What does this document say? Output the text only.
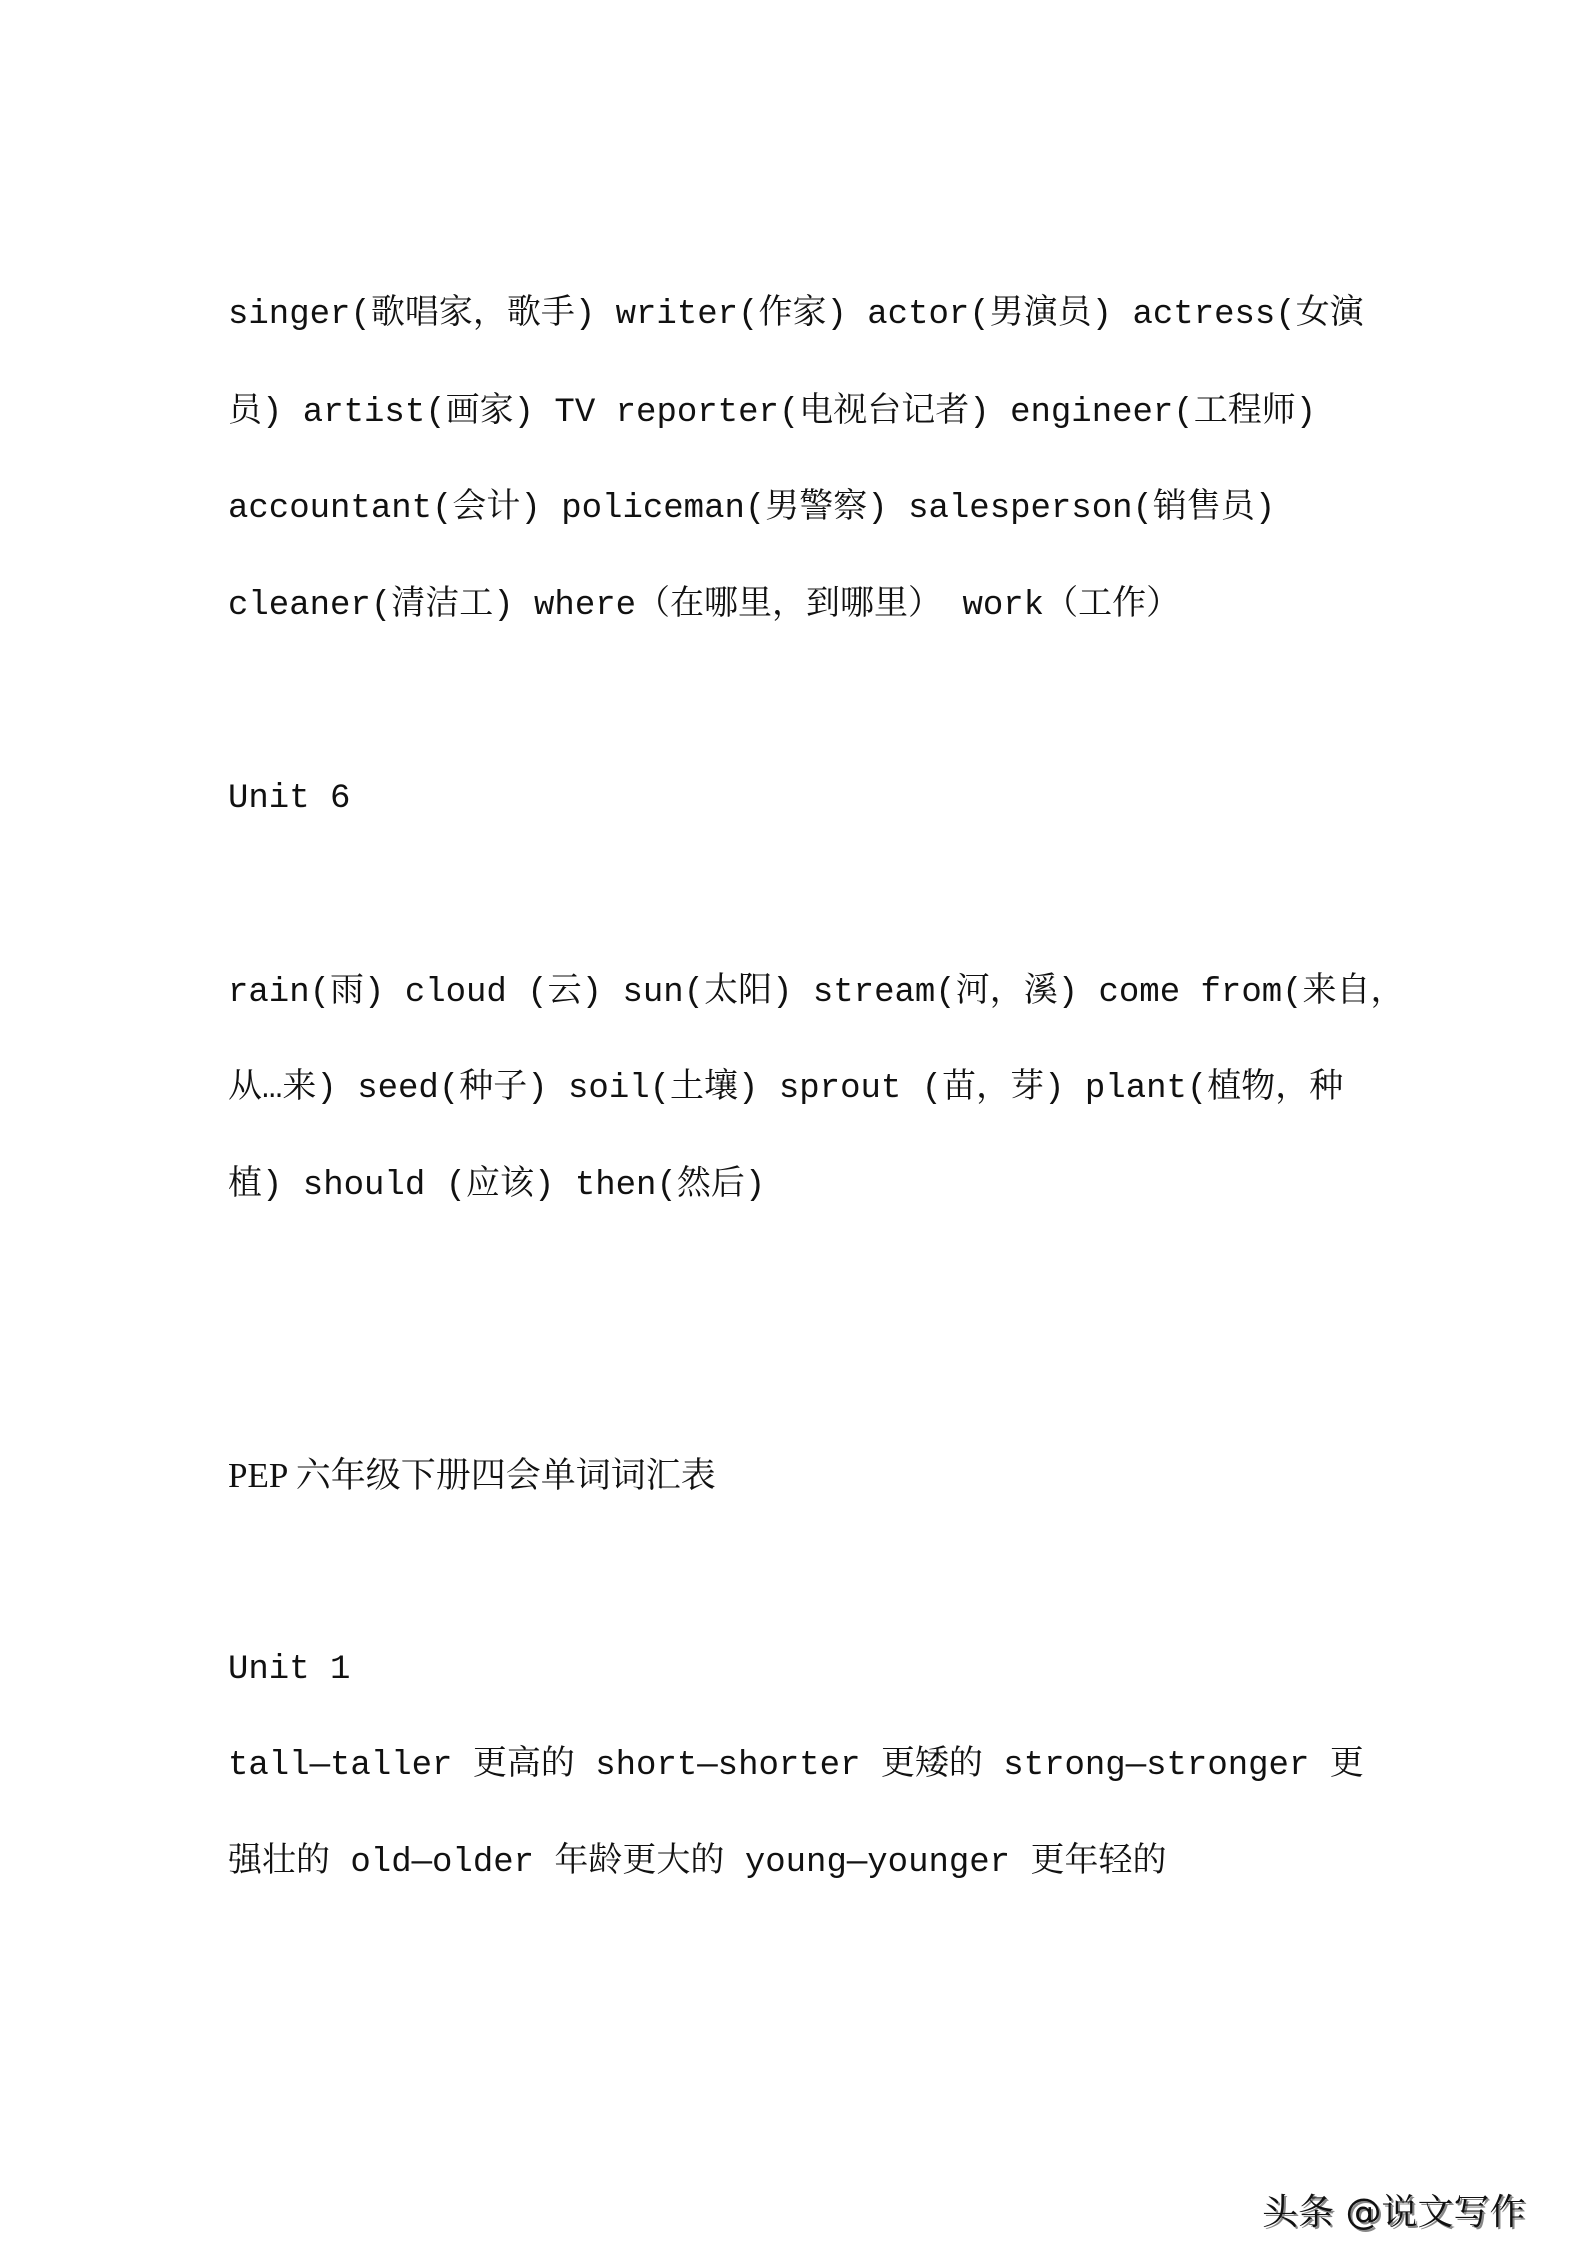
singer(歌唱家，歌手) writer(作家) actor(男演员) actress(女演
员) artist(画家) TV reporter(电视台记者) engineer(工程师)
accountant(会计) policeman(男警察) salesperson(销售员)
cleaner(清洁工) where（在哪里，到哪里） work（工作）
Unit 6
rain(雨) cloud (云) sun(太阳) stream(河，溪) come from(来自，
从…来) seed(种子) soil(土壤) sprout (苗，芽) plant(植物，种
植) should (应该) then(然后)
PEP 六年级下册四会单词词汇表
Unit 1
tall—taller 更高的 short—shorter 更矮的 strong—stronger 更
强壮的 old—older 年龄更大的 young—younger 更年轻的
头条 @说文写作
